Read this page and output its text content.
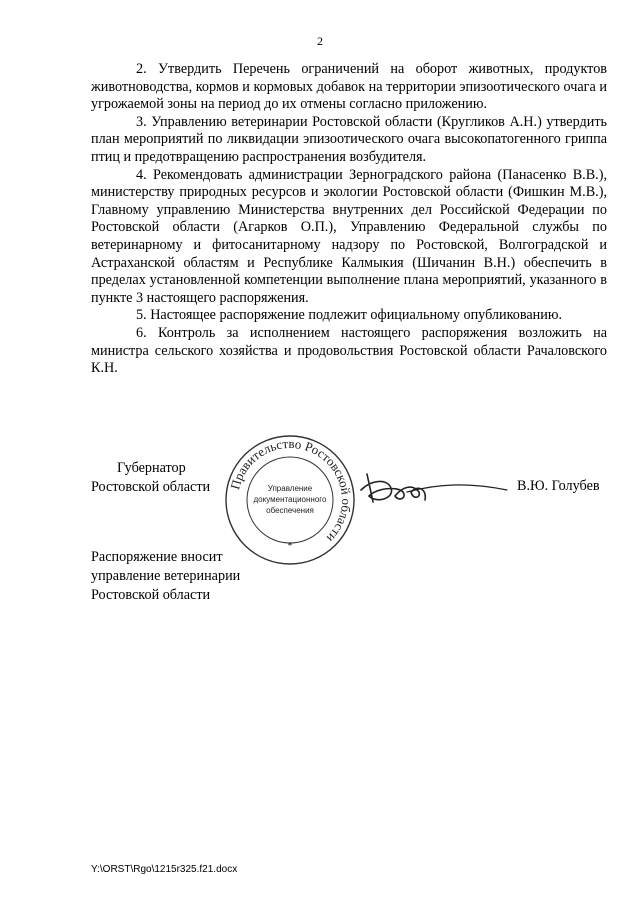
2

2. Утвердить Перечень ограничений на оборот животных, продуктов животноводства, кормов и кормовых добавок на территории эпизоотического очага и угрожаемой зоны на период до их отмены согласно приложению.

3. Управлению ветеринарии Ростовской области (Кругликов А.Н.) утвердить план мероприятий по ликвидации эпизоотического очага высокопатогенного гриппа птиц и предотвращению распространения возбудителя.

4. Рекомендовать администрации Зерноградского района (Панасенко В.В.), министерству природных ресурсов и экологии Ростовской области (Фишкин М.В.), Главному управлению Министерства внутренних дел Российской Федерации по Ростовской области (Агарков О.П.), Управлению Федеральной службы по ветеринарному и фитосанитарному надзору по Ростовской, Волгоградской и Астраханской областям и Республике Калмыкия (Шичанин В.Н.) обеспечить в пределах установленной компетенции выполнение плана мероприятий, указанного в пункте 3 настоящего распоряжения.

5. Настоящее распоряжение подлежит официальному опубликованию.

6. Контроль за исполнением настоящего распоряжения возложить на министра сельского хозяйства и продовольствия Ростовской области Рачаловского К.Н.

Губернатор
Ростовской области Правительство Ростовской области
Управление
документационного
обеспечения
*
В.Ю. Голубев
Распоряжение вносит
управление ветеринарии
Ростовской области
Y:\ORST\Rgo\1215r325.f21.docx
